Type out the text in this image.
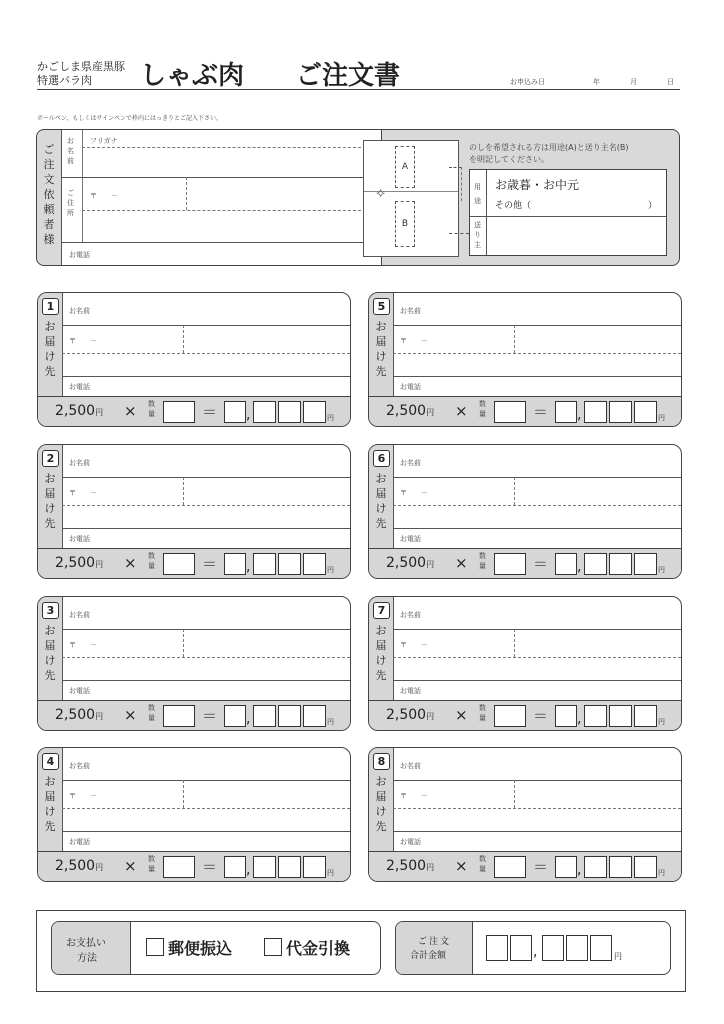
かごしま県産黒豚
特選バラ肉 しゃぶ肉　　ご注文書	お申込み日	年	月	日
ボールペン、もしくはサインペンで枠内にはっきりとご記入下さい。
お名前
フリガナ
ご住所
〒　　－
お電話
ご注文依頼者様
⟡
A
B
のしを希望される方は用途(A)と送り主名(B)
を明記してください。
用途
お歳暮・お中元
その他（	）
送り主
1
お届け先
お名前
〒　　－
お電話
2,500円 × 数量	＝ ,	円
2
お届け先
お名前
〒　　－
お電話
2,500円 × 数量	＝ ,	円
3
お届け先
お名前
〒　　－
お電話
2,500円 × 数量	＝ ,	円
4
お届け先
お名前
〒　　－
お電話
2,500円 × 数量	＝ ,	円
5
お届け先
お名前
〒　　－
お電話
2,500円 × 数量	＝ ,	円
6
お届け先
お名前
〒　　－
お電話
2,500円 × 数量	＝ ,	円
7
お届け先
お名前
〒　　－
お電話
2,500円 × 数量	＝ ,	円
8
お届け先
お名前
〒　　－
お電話
2,500円 × 数量	＝ ,	円
お支払い
方法
郵便振込	代金引換	ご注文
合計金額	,	円
